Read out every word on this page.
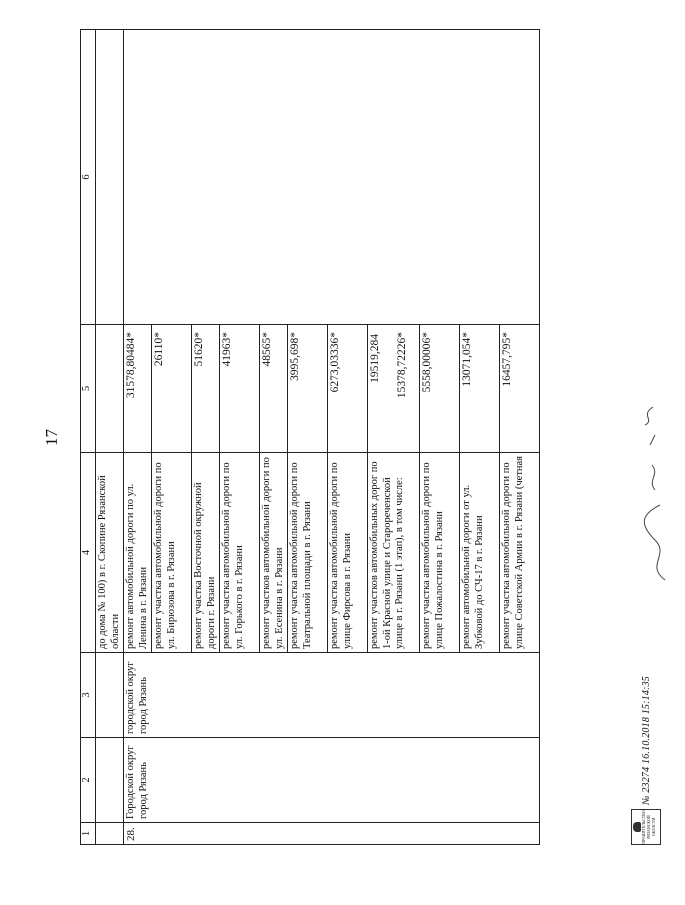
17
1	2	3	4	5	6
			до дома № 100) в г. Скопине Рязанской области		
28.	Городской округ город Рязань	городской округ город Рязань	ремонт автомобильной дороги по ул. Ленина в г. Рязани	31578,80484*	

			ремонт участка автомобильной дороги по ул. Бирюзова в г. Рязани	26110*	

			ремонт участка Восточной окружной дороги г. Рязани	51620*	

			ремонт участка автомобильной дороги по ул. Горького в г. Рязани	41963*	

			ремонт участков автомобильной дороги по ул. Есенина в г. Рязани	48565*	

			ремонт участка автомобильной дороги по Театральной площади в г. Рязани	3995,698*	

			ремонт участка автомобильной дороги по улице Фирсова в г. Рязани	6273,03336*	

			ремонт участков автомобильных дорог по 1-ой Красной улице и Старореченской улице в г. Рязани (1 этап), в том числе:	19519,284 15378,72226*	

			ремонт участка автомобильной дороги по улице Пожалостина в г. Рязани	5558,00006*	

			ремонт автомобильной дороги от ул. Зубковой до СЧ-17 в г. Рязани	13071,054*	

			ремонт участка автомобильной дороги по улице Советской Армии в г. Рязани (четная	16457,795*	
ПРАВИТЕЛЬСТВО РЯЗАНСКОЙ ОБЛАСТИ
№ 23274 16.10.2018 15:14:35
